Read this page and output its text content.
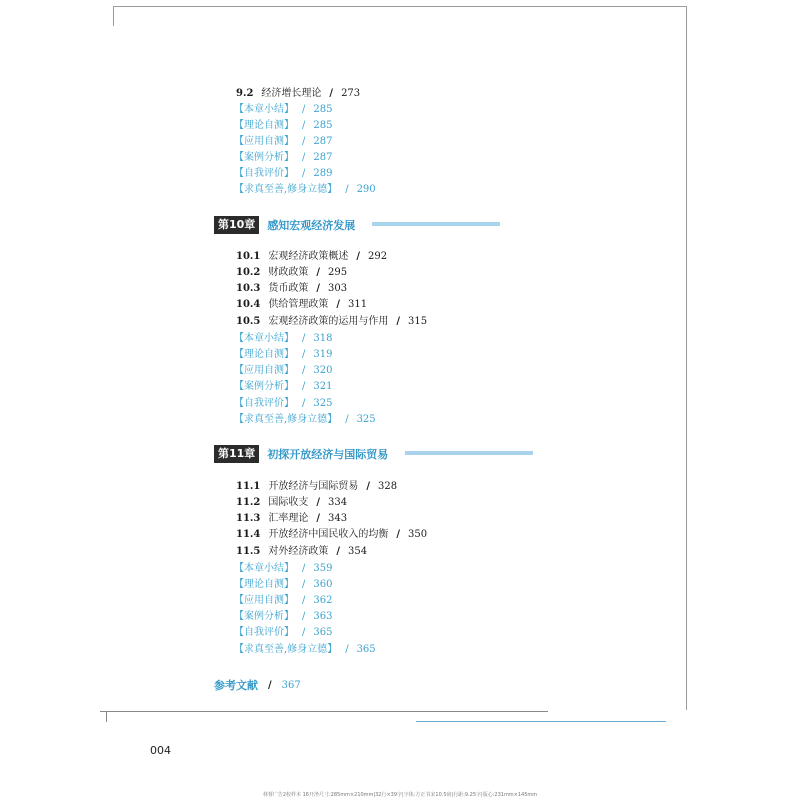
9.2 经济增长理论 / 273
【本章小结】 / 285
【理论自测】 / 285
【应用自测】 / 287
【案例分析】 / 287
【自我评价】 / 289
【求真至善,修身立德】 / 290
第10章	感知宏观经济发展
10.1 宏观经济政策概述 / 292
10.2 财政政策 / 295
10.3 货币政策 / 303
10.4 供给管理政策 / 311
10.5 宏观经济政策的运用与作用 / 315
【本章小结】 / 318
【理论自测】 / 319
【应用自测】 / 320
【案例分析】 / 321
【自我评价】 / 325
【求真至善,修身立德】 / 325
第11章	初探开放经济与国际贸易
11.1 开放经济与国际贸易 / 328
11.2 国际收支 / 334
11.3 汇率理论 / 343
11.4 开放经济中国民收入的均衡 / 350
11.5 对外经济政策 / 354
【本章小结】 / 359
【理论自测】 / 360
【应用自测】 / 362
【案例分析】 / 363
【自我评价】 / 365
【求真至善,修身立德】 / 365
参考文献 / 367
004
林督广告2校样本 16开净尺寸:285mm×210mm|32行×39字|字体:方正书宋10.5磅|行距:9.25字|版心:231mm×145mm
